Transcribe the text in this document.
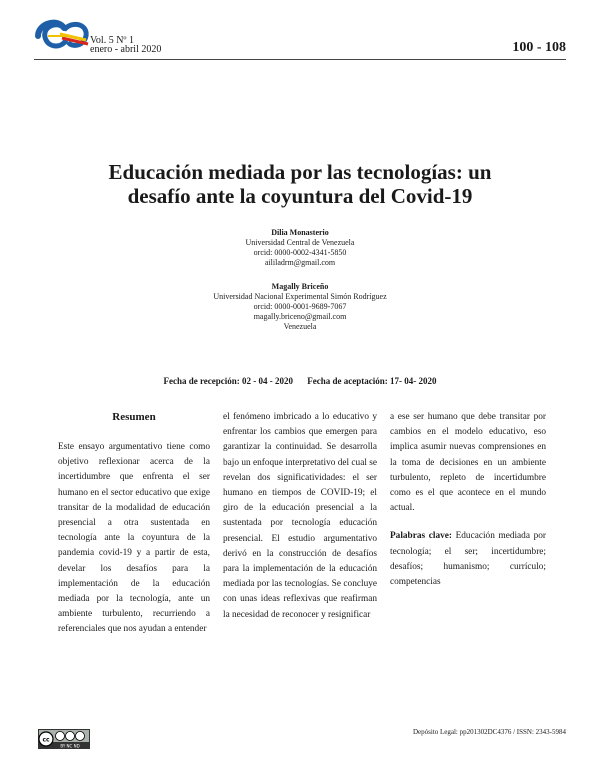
Vol. 5 Nº 1
enero - abril 2020	100 - 108
Educación mediada por las tecnologías: un
desafío ante la coyuntura del Covid-19
Dilia Monasterio
Universidad Central de Venezuela
orcid: 0000-0002-4341-5850
aililadrm@gmail.com
Magally Briceño
Universidad Nacional Experimental Simón Rodríguez
orcid: 0000-0001-9689-7067
magally.briceno@gmail.com
Venezuela
Fecha de recepción: 02 - 04 - 2020 Fecha de aceptación: 17- 04- 2020
Resumen
Este ensayo argumentativo tiene como objetivo reflexionar acerca de la incertidumbre que enfrenta el ser humano en el sector educativo que exige transitar de la modalidad de educación presencial a otra sustentada en tecnología ante la coyuntura de la pandemia covid-19 y a partir de esta, develar los desafíos para la implementación de la educación mediada por la tecnología, ante un ambiente turbulento, recurriendo a referenciales que nos ayudan a entender
el fenómeno imbricado a lo educativo y enfrentar los cambios que emergen para garantizar la continuidad. Se desarrolla bajo un enfoque interpretativo del cual se revelan dos significatividades: el ser humano en tiempos de COVID-19; el giro de la educación presencial a la sustentada por tecnología educación presencial. El estudio argumentativo derivó en la construcción de desafíos para la implementación de la educación mediada por las tecnologías. Se concluye con unas ideas reflexivas que reafirman la necesidad de reconocer y resignificar
a ese ser humano que debe transitar por cambios en el modelo educativo, eso implica asumir nuevas comprensiones en la toma de decisiones en un ambiente turbulento, repleto de incertidumbre como es el que acontece en el mundo actual.
Palabras clave: Educación mediada por tecnología; el ser; incertidumbre; desafíos; humanismo; currículo; competencias
cc
BY NC ND
Depósito Legal: pp201302DC4376 / ISSN: 2343-5984
